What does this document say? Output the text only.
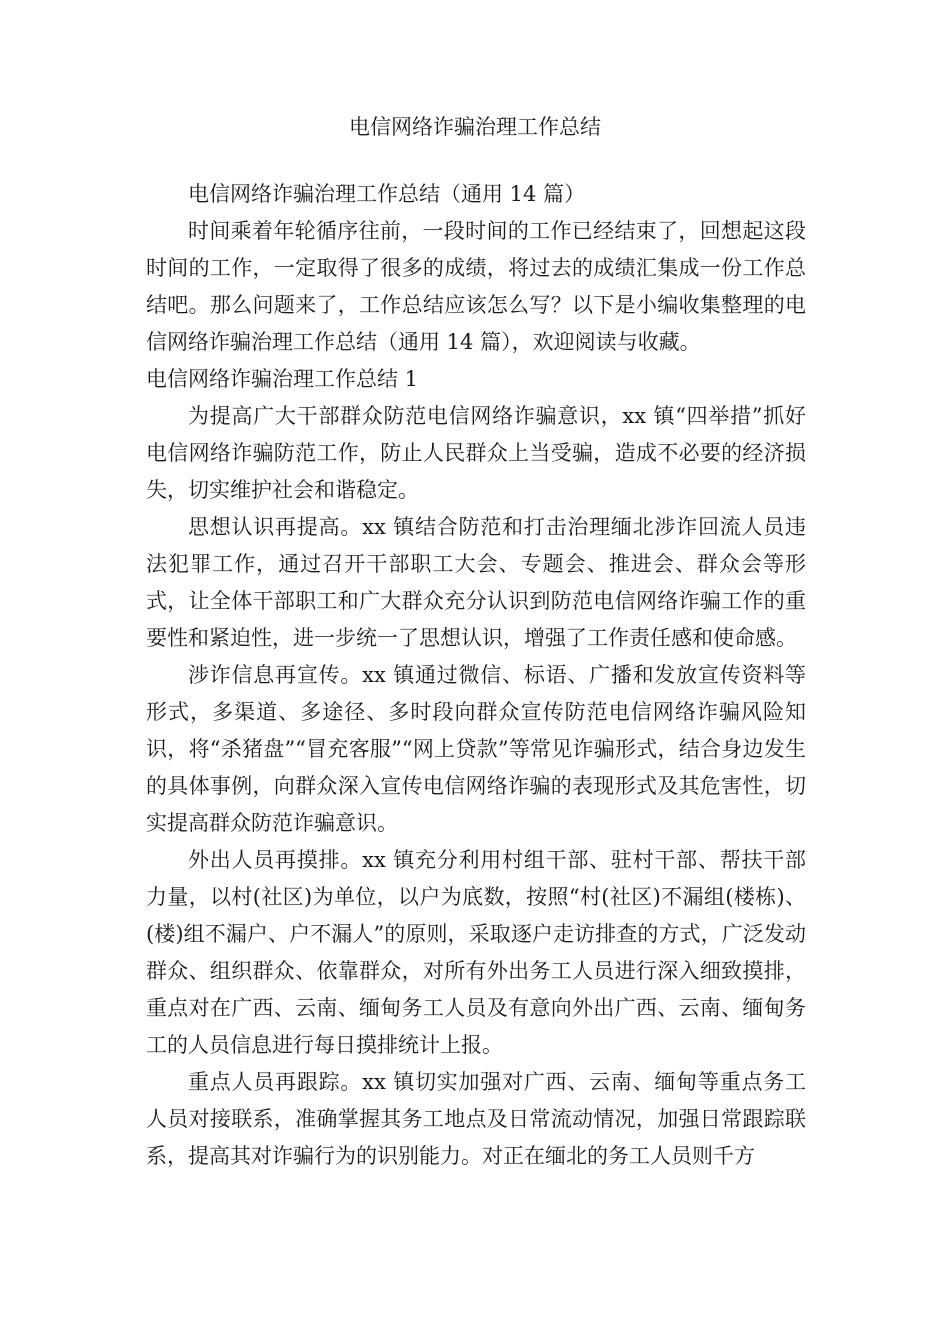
电信网络诈骗治理工作总结

电信网络诈骗治理工作总结（通用 14 篇）

时间乘着年轮循序往前，一段时间的工作已经结束了，回想起这段时间的工作，一定取得了很多的成绩，将过去的成绩汇集成一份工作总结吧。那么问题来了，工作总结应该怎么写？以下是小编收集整理的电信网络诈骗治理工作总结（通用 14 篇），欢迎阅读与收藏。

电信网络诈骗治理工作总结 1

为提高广大干部群众防范电信网络诈骗意识，xx 镇“四举措”抓好电信网络诈骗防范工作，防止人民群众上当受骗，造成不必要的经济损失，切实维护社会和谐稳定。

思想认识再提高。xx 镇结合防范和打击治理缅北涉诈回流人员违法犯罪工作，通过召开干部职工大会、专题会、推进会、群众会等形式，让全体干部职工和广大群众充分认识到防范电信网络诈骗工作的重要性和紧迫性，进一步统一了思想认识，增强了工作责任感和使命感。

涉诈信息再宣传。xx 镇通过微信、标语、广播和发放宣传资料等形式，多渠道、多途径、多时段向群众宣传防范电信网络诈骗风险知识，将“杀猪盘”“冒充客服”“网上贷款”等常见诈骗形式，结合身边发生的具体事例，向群众深入宣传电信网络诈骗的表现形式及其危害性，切实提高群众防范诈骗意识。

外出人员再摸排。xx 镇充分利用村组干部、驻村干部、帮扶干部力量，以村(社区)为单位，以户为底数，按照“村(社区)不漏组(楼栋)、(楼)组不漏户、户不漏人”的原则，采取逐户走访排查的方式，广泛发动群众、组织群众、依靠群众，对所有外出务工人员进行深入细致摸排，重点对在广西、云南、缅甸务工人员及有意向外出广西、云南、缅甸务工的人员信息进行每日摸排统计上报。

重点人员再跟踪。xx 镇切实加强对广西、云南、缅甸等重点务工人员对接联系，准确掌握其务工地点及日常流动情况，加强日常跟踪联系，提高其对诈骗行为的识别能力。对正在缅北的务工人员则千方
